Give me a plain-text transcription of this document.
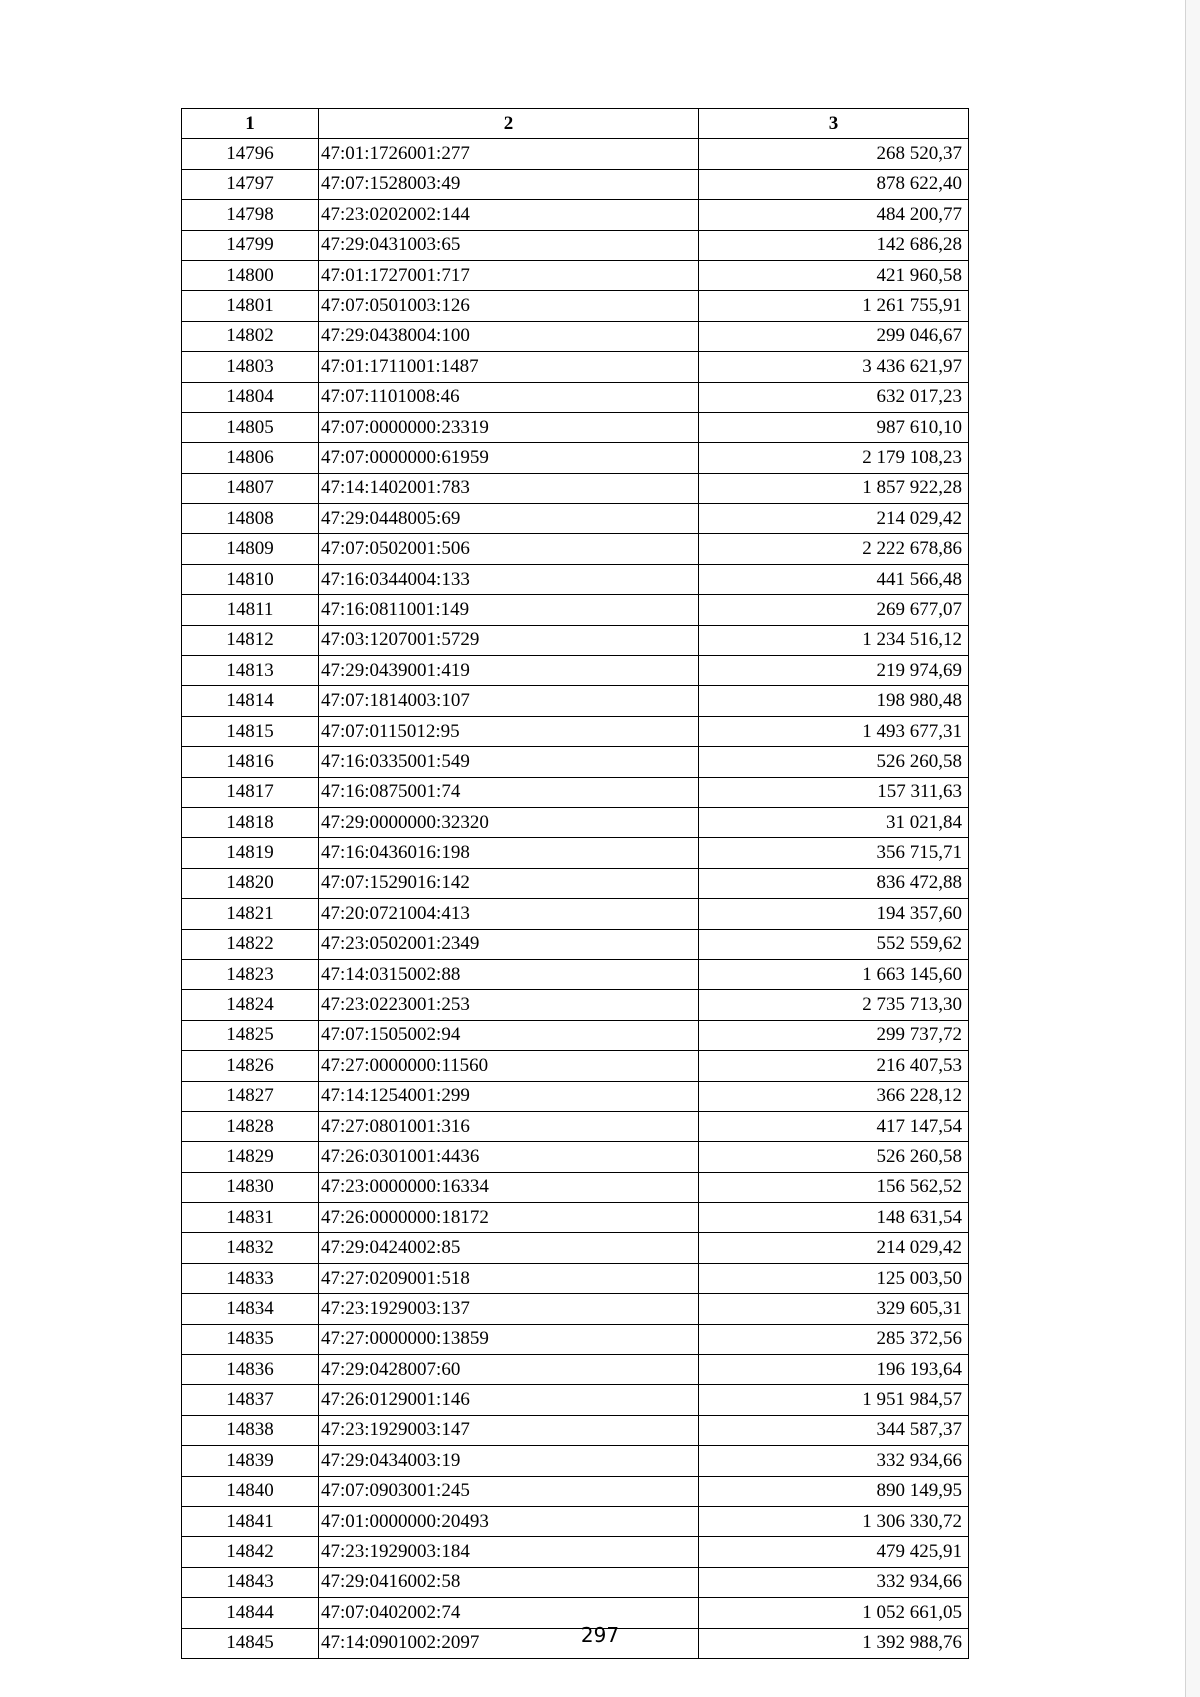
1	2	3
14796	47:01:1726001:277	268 520,37
14797	47:07:1528003:49	878 622,40
14798	47:23:0202002:144	484 200,77
14799	47:29:0431003:65	142 686,28
14800	47:01:1727001:717	421 960,58
14801	47:07:0501003:126	1 261 755,91
14802	47:29:0438004:100	299 046,67
14803	47:01:1711001:1487	3 436 621,97
14804	47:07:1101008:46	632 017,23
14805	47:07:0000000:23319	987 610,10
14806	47:07:0000000:61959	2 179 108,23
14807	47:14:1402001:783	1 857 922,28
14808	47:29:0448005:69	214 029,42
14809	47:07:0502001:506	2 222 678,86
14810	47:16:0344004:133	441 566,48
14811	47:16:0811001:149	269 677,07
14812	47:03:1207001:5729	1 234 516,12
14813	47:29:0439001:419	219 974,69
14814	47:07:1814003:107	198 980,48
14815	47:07:0115012:95	1 493 677,31
14816	47:16:0335001:549	526 260,58
14817	47:16:0875001:74	157 311,63
14818	47:29:0000000:32320	31 021,84
14819	47:16:0436016:198	356 715,71
14820	47:07:1529016:142	836 472,88
14821	47:20:0721004:413	194 357,60
14822	47:23:0502001:2349	552 559,62
14823	47:14:0315002:88	1 663 145,60
14824	47:23:0223001:253	2 735 713,30
14825	47:07:1505002:94	299 737,72
14826	47:27:0000000:11560	216 407,53
14827	47:14:1254001:299	366 228,12
14828	47:27:0801001:316	417 147,54
14829	47:26:0301001:4436	526 260,58
14830	47:23:0000000:16334	156 562,52
14831	47:26:0000000:18172	148 631,54
14832	47:29:0424002:85	214 029,42
14833	47:27:0209001:518	125 003,50
14834	47:23:1929003:137	329 605,31
14835	47:27:0000000:13859	285 372,56
14836	47:29:0428007:60	196 193,64
14837	47:26:0129001:146	1 951 984,57
14838	47:23:1929003:147	344 587,37
14839	47:29:0434003:19	332 934,66
14840	47:07:0903001:245	890 149,95
14841	47:01:0000000:20493	1 306 330,72
14842	47:23:1929003:184	479 425,91
14843	47:29:0416002:58	332 934,66
14844	47:07:0402002:74	1 052 661,05
14845	47:14:0901002:2097	1 392 988,76
297
